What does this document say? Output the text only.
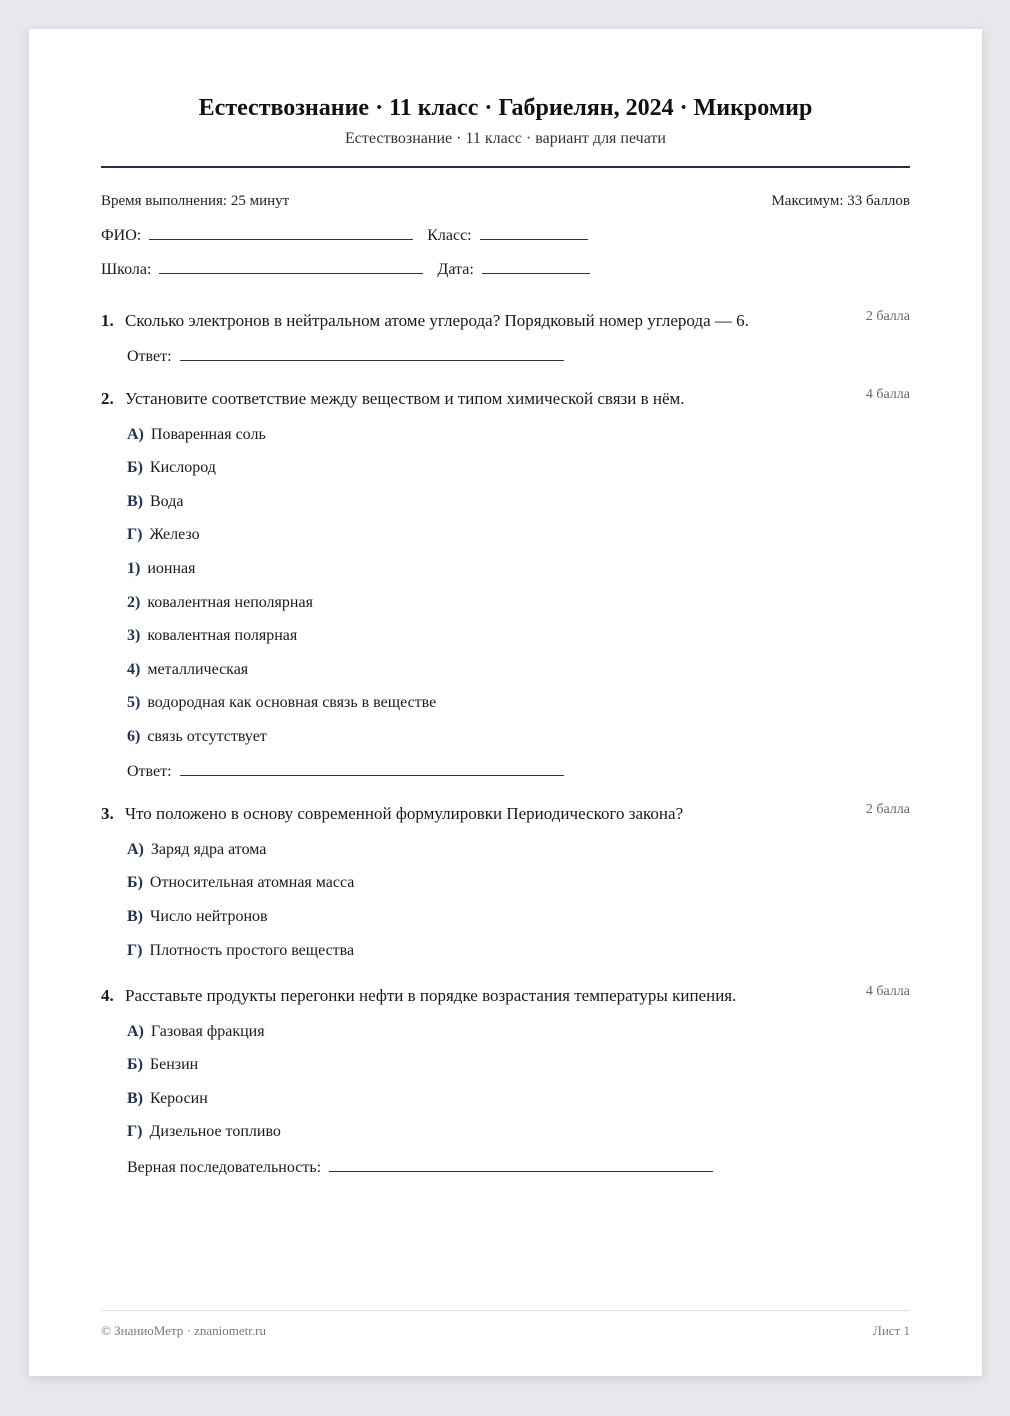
Естествознание · 11 класс · Габриелян, 2024 · Микромир
Естествознание · 11 класс · вариант для печати
Время выполнения: 25 минут	Максимум: 33 баллов
ФИО:	Класс:
Школа:	Дата:
1. Сколько электронов в нейтральном атоме углерода? Порядковый номер углерода — 6.	2 балла
Ответ:
2. Установите соответствие между веществом и типом химической связи в нём.	4 балла
А) Поваренная соль
Б) Кислород
В) Вода
Г) Железо
1) ионная
2) ковалентная неполярная
3) ковалентная полярная
4) металлическая
5) водородная как основная связь в веществе
6) связь отсутствует
Ответ:
3. Что положено в основу современной формулировки Периодического закона?	2 балла
А) Заряд ядра атома
Б) Относительная атомная масса
В) Число нейтронов
Г) Плотность простого вещества
4. Расставьте продукты перегонки нефти в порядке возрастания температуры кипения.	4 балла
А) Газовая фракция
Б) Бензин
В) Керосин
Г) Дизельное топливо
Верная последовательность:
© ЗнаниоМетр · znaniometr.ru	Лист 1
